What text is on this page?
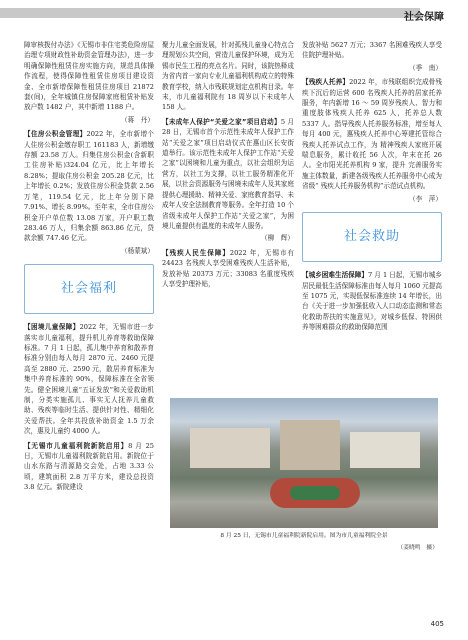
社会保障

障审核拨付办法》《无锡市非住宅类危险房屋治理专项财政性补助资金管理办法》，进一步明确保障性租赁住房实施方向，规范具体操作流程，使得保障性租赁住房项目建设资金、全市新增保障性租赁住房项目 21872 套(间)，全年城镇住房保障家庭租赁补贴发放户数 1482 户，其中新增 1188 户。

（蒋　丹）

【住房公积金管理】2022 年，全市新增个人住房公积金缴存职工 161183 人，新增缴存额 23.58 万人。归集住房公积金(含新职工住房补贴)324.04 亿元，比上年增长 8.28%；提取住房公积金 205.28 亿元，比上年增长 0.2%；发放住房公积金贷款 2.56 万笔，119.54 亿元，比上年分别下降 7.91%、增长 8.99%。至年末，全市住房公积金开户单位数 13.08 万家，开户职工数 283.46 万人，归集余额 863.86 亿元，贷款余额 747.46 亿元。

（杨蒙斌）
社会福利

【困境儿童保障】2022 年，无锡市进一步落实市儿童福利，提升机儿养育等救助保障标准。7 月 1 日起，孤儿集中养育和散养育标准分别由每人每月 2870 元、2460 元提高至 2880 元、2590 元，散居养育标准为集中养育标准的 90%，保障标准在全省领先。健全困境儿童“五证发放”和关爱救助机制，分类实施孤儿、事实无人抚养儿童救助、残疾等临时生活、提供针对性、精细化关爱帮扶。全年共投放补助资金 1.5 万余次，惠及儿童约 4000 人。

【无锡市儿童福利院新院启用】8 月 25 日，无锡市儿童福利院新院启用。新院位于山水东路与清源路交会处，占地 3.33 公顷，建筑面积 2.8 万平方米，建设总投资 3.8 亿元。新院建设

聚力儿童全面发展，针对孤残儿童身心特点合理规划公共空间，营造儿童保护环境，成为无锡市民生工程的亮点名片。同时，该院热释成为省内首一家向专业儿童福利机构成立的特殊教育学校，纳入市残联规划定点机构目录。年末，市儿童福利院有 18 周岁以下未成年人 158 人。

【未成年人保护“关爱之家”项目启动】5 月 28 日，无锡市首个示范性未成年人保护工作站“关爱之家”项目启动仪式在惠山区长安街道举行。该示范性未成年人保护工作站“关爱之家”以困境和儿童为重点，以社会组织为运营方，以社工为支撑，以社工服务精准化开展，以社会资源服务与困境未成年人及其家庭提供心理援助、精神关爱、家庭教育指导、未成年人安全法制教育等服务。全年打造 10 个省级未成年人保护工作站“关爱之家”，为困境儿童提供有温度的未成年人服务。

（柳　辉）

【残疾人民生保障】2022 年，无锡市有 24423 名残疾人享受困难残疾人生活补贴，发放补贴 20373 万元；33083 名重度残疾人享受护理补贴，

发放补贴 5627 万元；3367 名困难残疾人享受住院护理补贴。

（季　南）

【残疾人托养】2022 年，市残联组织完成骨残疾下沉后的运营 600 名残疾人托养的居家托养服务，年内新增 16 ～ 59 周岁残疾人、智力和重度肢体残疾人托养 625 人，托养总人数 5337 人。指导残疾人托养服务标准，增至每人每月 400 元，惠残疾人托养中心筹建托管综合残疾人托养试点工作，为 精神残疾人家庭开展喘息服务，累计收托 56 人次，年末在托 26 人。全市阳光托养机构 9 家，提升 完善服务实施主体数量，新建各级残疾人托养服务中心成为省级“ 残疾人托养服务机构”示范试点机构。

（李　萍）
社会救助

【城乡困难生活保障】7 月 1 日起，无锡市城乡居民最低生活保障标准由每人每月 1060 元提高至 1075 元，实现低保标准连续 14 年增长，出台《关于进一步加强低收入人口动态监测和常态化救助帮扶的实施意见》，对城乡低保、特困供养等困难群众的救助保障范围

8 月 25 日，无锡市儿童福利院新院启用。图为市儿童福利院全景
（姜晓鸣　摄）
405
